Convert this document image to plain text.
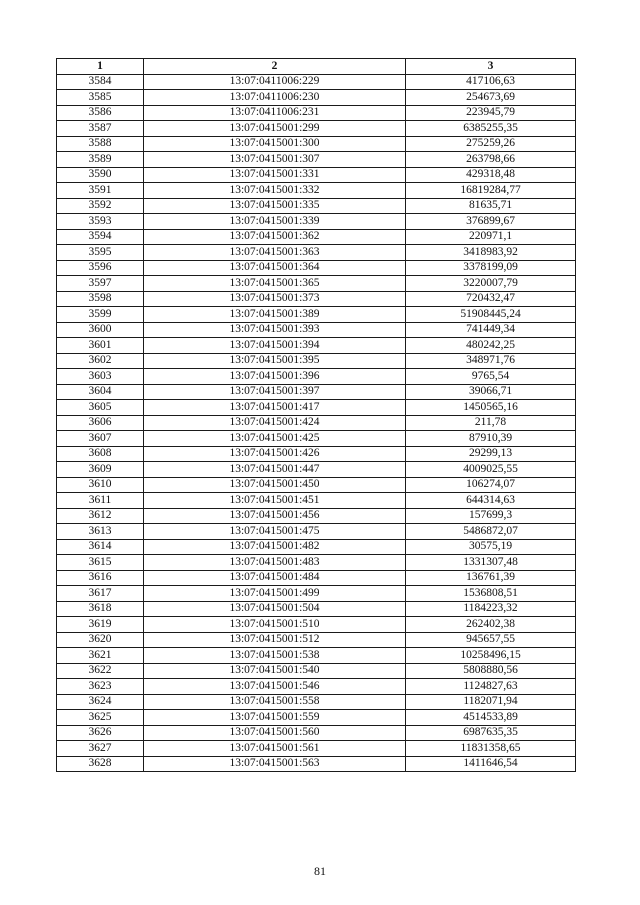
1	2	3
3584	13:07:0411006:229	417106,63
3585	13:07:0411006:230	254673,69
3586	13:07:0411006:231	223945,79
3587	13:07:0415001:299	6385255,35
3588	13:07:0415001:300	275259,26
3589	13:07:0415001:307	263798,66
3590	13:07:0415001:331	429318,48
3591	13:07:0415001:332	16819284,77
3592	13:07:0415001:335	81635,71
3593	13:07:0415001:339	376899,67
3594	13:07:0415001:362	220971,1
3595	13:07:0415001:363	3418983,92
3596	13:07:0415001:364	3378199,09
3597	13:07:0415001:365	3220007,79
3598	13:07:0415001:373	720432,47
3599	13:07:0415001:389	51908445,24
3600	13:07:0415001:393	741449,34
3601	13:07:0415001:394	480242,25
3602	13:07:0415001:395	348971,76
3603	13:07:0415001:396	9765,54
3604	13:07:0415001:397	39066,71
3605	13:07:0415001:417	1450565,16
3606	13:07:0415001:424	211,78
3607	13:07:0415001:425	87910,39
3608	13:07:0415001:426	29299,13
3609	13:07:0415001:447	4009025,55
3610	13:07:0415001:450	106274,07
3611	13:07:0415001:451	644314,63
3612	13:07:0415001:456	157699,3
3613	13:07:0415001:475	5486872,07
3614	13:07:0415001:482	30575,19
3615	13:07:0415001:483	1331307,48
3616	13:07:0415001:484	136761,39
3617	13:07:0415001:499	1536808,51
3618	13:07:0415001:504	1184223,32
3619	13:07:0415001:510	262402,38
3620	13:07:0415001:512	945657,55
3621	13:07:0415001:538	10258496,15
3622	13:07:0415001:540	5808880,56
3623	13:07:0415001:546	1124827,63
3624	13:07:0415001:558	1182071,94
3625	13:07:0415001:559	4514533,89
3626	13:07:0415001:560	6987635,35
3627	13:07:0415001:561	11831358,65
3628	13:07:0415001:563	1411646,54
81
